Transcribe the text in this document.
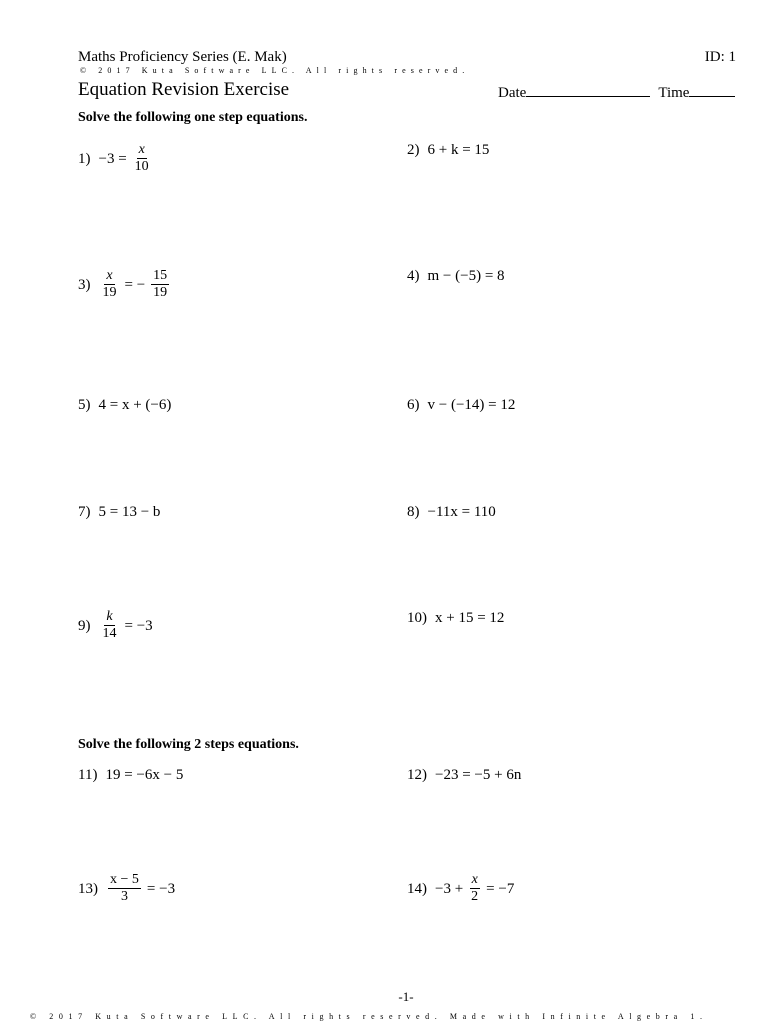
Maths Proficiency Series (E. Mak)	ID: 1
© 2017 Kuta Software LLC. All rights reserved.
Equation Revision Exercise	Date	Time
Solve the following one step equations.
$1) -3 = \frac{x}{10}$	2) 6 + k = 15
$3) \frac{x}{19}$ = − $\frac{15}{19}$	4) m − (−5) = 8
5) 4 = x + (−6)	6) v − (−14) = 12
7) 5 = 13 − b	8) −11x = 110
$9) \frac{k}{14} = -3$	10) x + 15 = 12
Solve the following 2 steps equations.
11) 19 = −6x − 5	12) −23 = −5 + 6n
$13) \frac{x - 5}{3} = -3$	$14) -3 + \frac{x}{2} = -7$
-1-
© 2017 Kuta Software LLC. All rights reserved. Made with Infinite Algebra 1.
